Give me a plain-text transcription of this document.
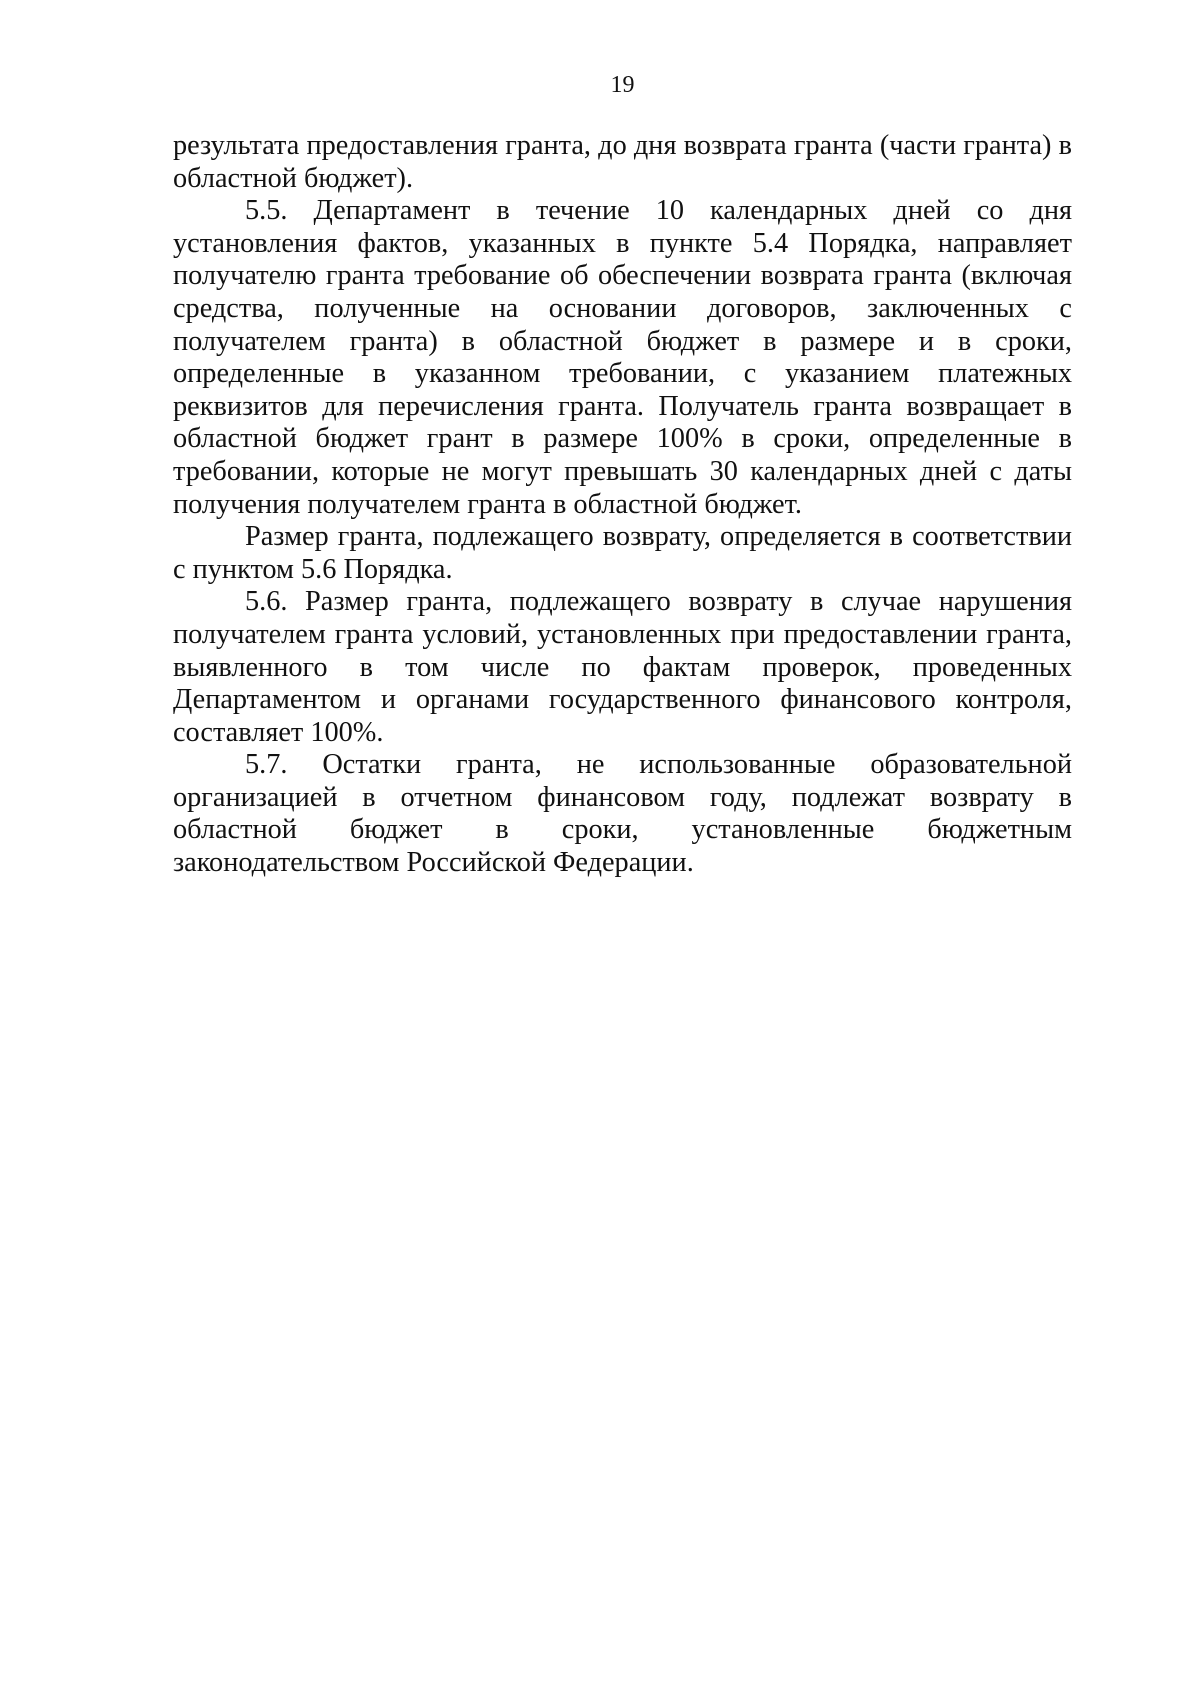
19

результата предоставления гранта, до дня возврата гранта (части гранта) в областной бюджет).

5.5. Департамент в течение 10 календарных дней со дня установления фактов, указанных в пункте 5.4 Порядка, направляет получателю гранта требование об обеспечении возврата гранта (включая средства, полученные на основании договоров, заключенных с получателем гранта) в областной бюджет в размере и в сроки, определенные в указанном требовании, с указанием платежных реквизитов для перечисления гранта. Получатель гранта возвращает в областной бюджет грант в размере 100% в сроки, определенные в требовании, которые не могут превышать 30 календарных дней с даты получения получателем гранта в областной бюджет.

Размер гранта, подлежащего возврату, определяется в соответствии с пунктом 5.6 Порядка.

5.6. Размер гранта, подлежащего возврату в случае нарушения получателем гранта условий, установленных при предоставлении гранта, выявленного в том числе по фактам проверок, проведенных Департаментом и органами государственного финансового контроля, составляет 100%.

5.7. Остатки гранта, не использованные образовательной организацией в отчетном финансовом году, подлежат возврату в областной бюджет в сроки, установленные бюджетным законодательством Российской Федерации.
